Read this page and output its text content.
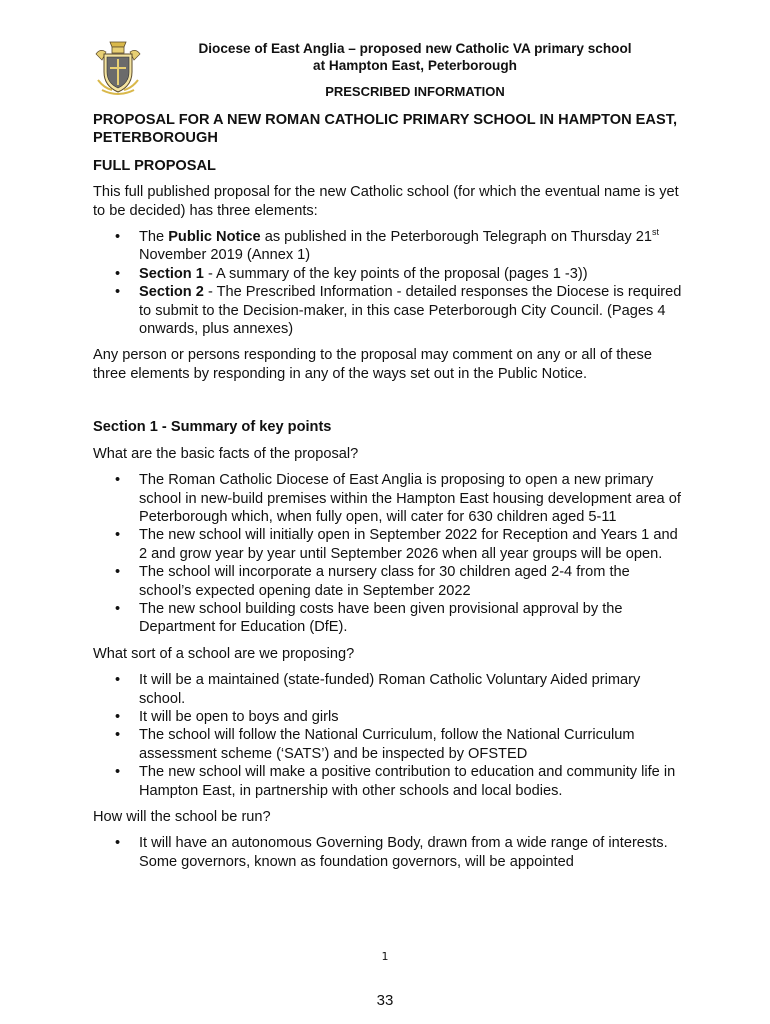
Diocese of East Anglia – proposed new Catholic VA primary school
at Hampton East, Peterborough
PRESCRIBED INFORMATION

PROPOSAL FOR A NEW ROMAN CATHOLIC PRIMARY SCHOOL IN HAMPTON EAST, PETERBOROUGH

FULL PROPOSAL

This full published proposal for the new Catholic school (for which the eventual name is yet to be decided) has three elements:

• The Public Notice as published in the Peterborough Telegraph on Thursday 21st November 2019 (Annex 1)
• Section 1 - A summary of the key points of the proposal (pages 1 -3))
• Section 2 - The Prescribed Information - detailed responses the Diocese is required to submit to the Decision-maker, in this case Peterborough City Council. (Pages 4 onwards, plus annexes)

Any person or persons responding to the proposal may comment on any or all of these three elements by responding in any of the ways set out in the Public Notice.

Section 1 - Summary of key points

What are the basic facts of the proposal?

• The Roman Catholic Diocese of East Anglia is proposing to open a new primary school in new-build premises within the Hampton East housing development area of Peterborough which, when fully open, will cater for 630 children aged 5-11
• The new school will initially open in September 2022 for Reception and Years 1 and 2 and grow year by year until September 2026 when all year groups will be open.
• The school will incorporate a nursery class for 30 children aged 2-4 from the school’s expected opening date in September 2022
• The new school building costs have been given provisional approval by the Department for Education (DfE).

What sort of a school are we proposing?

• It will be a maintained (state-funded) Roman Catholic Voluntary Aided primary school.
• It will be open to boys and girls
• The school will follow the National Curriculum, follow the National Curriculum assessment scheme (‘SATS’) and be inspected by OFSTED
• The new school will make a positive contribution to education and community life in Hampton East, in partnership with other schools and local bodies.

How will the school be run?

• It will have an autonomous Governing Body, drawn from a wide range of interests. Some governors, known as foundation governors, will be appointed
1
33
